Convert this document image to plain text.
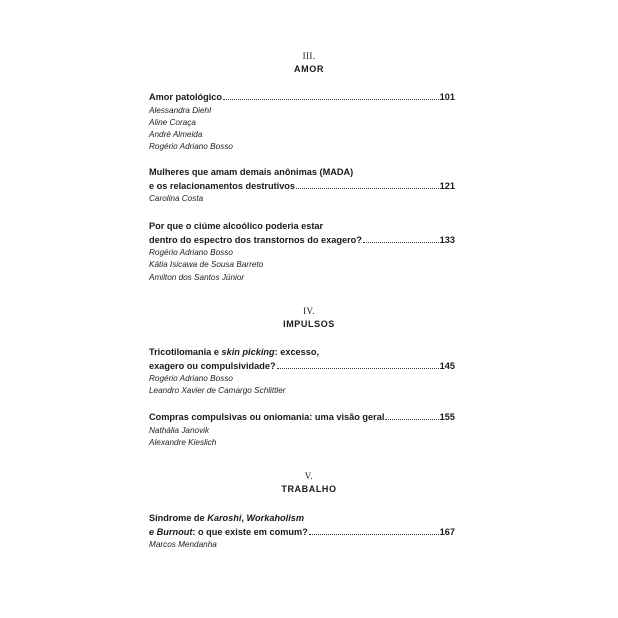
III.
AMOR
Amor patológico	101
Alessandra Diehl
Aline Coraça
André Almeida
Rogério Adriano Bosso
Mulheres que amam demais anônimas (MADA)
e os relacionamentos destrutivos	121
Carolina Costa
Por que o ciúme alcoólico poderia estar
dentro do espectro dos transtornos do exagero?	133
Rogério Adriano Bosso
Kátia Isicawa de Sousa Barreto
Amilton dos Santos Júnior
IV.
IMPULSOS
Tricotilomania e skin picking: excesso,
exagero ou compulsividade?	145
Rogério Adriano Bosso
Leandro Xavier de Camargo Schlittler
Compras compulsivas ou oniomania: uma visão geral	155
Nathália Janovik
Alexandre Kieslich
V.
TRABALHO
Síndrome de Karoshi, Workaholism
e Burnout: o que existe em comum?	167
Marcos Mendanha
